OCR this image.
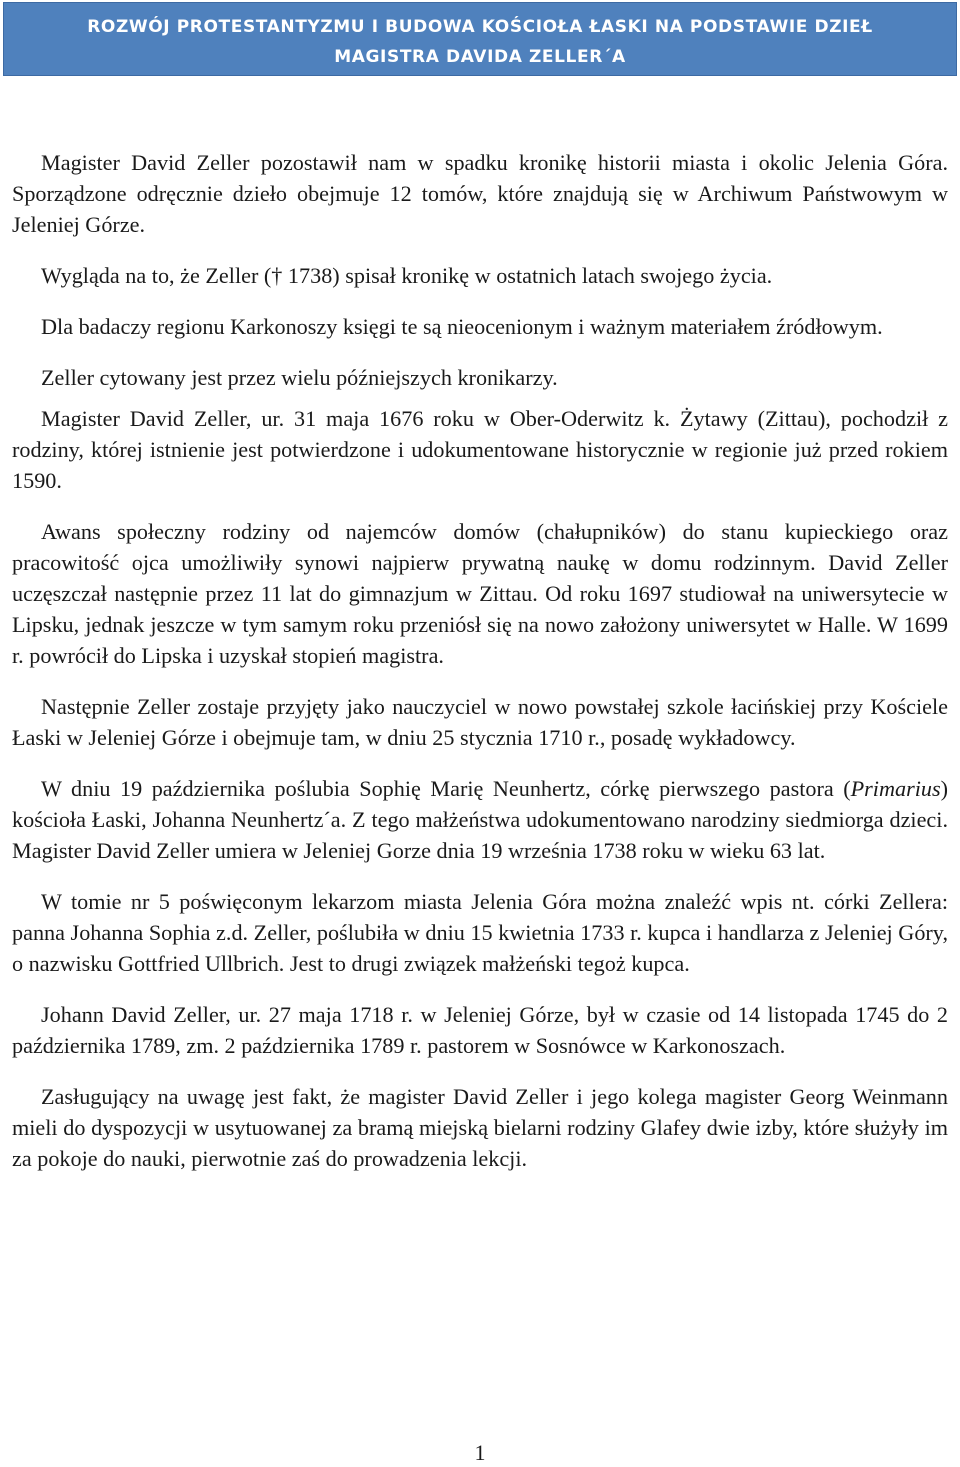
ROZWÓJ PROTESTANTYZMU I BUDOWA KOŚCIOŁA ŁASKI NA PODSTAWIE DZIEŁ
MAGISTRA DAVIDA ZELLER´A

Magister David Zeller pozostawił nam w spadku kronikę historii miasta i okolic Jelenia Góra. Sporządzone odręcznie dzieło obejmuje 12 tomów, które znajdują się w Archiwum Państwowym w Jeleniej Górze.

Wygląda na to, że Zeller († 1738) spisał kronikę w ostatnich latach swojego życia.

Dla badaczy regionu Karkonoszy księgi te są nieocenionym i ważnym materiałem źródłowym.

Zeller cytowany jest przez wielu późniejszych kronikarzy.

Magister David Zeller, ur. 31 maja 1676 roku w Ober-Oderwitz k. Żytawy (Zittau), pochodził z rodziny, której istnienie jest potwierdzone i udokumentowane historycznie w regionie już przed rokiem 1590.

Awans społeczny rodziny od najemców domów (chałupników) do stanu kupieckiego oraz pracowitość ojca umożliwiły synowi najpierw prywatną naukę w domu rodzinnym. David Zeller uczęszczał następnie przez 11 lat do gimnazjum w Zittau. Od roku 1697 studiował na uniwersytecie w Lipsku, jednak jeszcze w tym samym roku przeniósł się na nowo założony uniwersytet w Halle. W 1699 r. powrócił do Lipska i uzyskał stopień magistra.

Następnie Zeller zostaje przyjęty jako nauczyciel w nowo powstałej szkole łacińskiej przy Kościele Łaski w Jeleniej Górze i obejmuje tam, w dniu 25 stycznia 1710 r., posadę wykładowcy.

W dniu 19 października poślubia Sophię Marię Neunhertz, córkę pierwszego pastora (Primarius) kościoła Łaski, Johanna Neunhertz´a. Z tego małżeństwa udokumentowano narodziny siedmiorga dzieci. Magister David Zeller umiera w Jeleniej Gorze dnia 19 września 1738 roku w wieku 63 lat.

W tomie nr 5 poświęconym lekarzom miasta Jelenia Góra można znaleźć wpis nt. córki Zellera: panna Johanna Sophia z.d. Zeller, poślubiła w dniu 15 kwietnia 1733 r. kupca i handlarza z Jeleniej Góry, o nazwisku Gottfried Ullbrich. Jest to drugi związek małżeński tegoż kupca.

Johann David Zeller, ur. 27 maja 1718 r. w Jeleniej Górze, był w czasie od 14 listopada 1745 do 2 października 1789, zm. 2 października 1789 r. pastorem w Sosnówce w Karkonoszach.

Zasługujący na uwagę jest fakt, że magister David Zeller i jego kolega magister Georg Weinmann mieli do dyspozycji w usytuowanej za bramą miejską bielarni rodziny Glafey dwie izby, które służyły im za pokoje do nauki, pierwotnie zaś do prowadzenia lekcji.

1
